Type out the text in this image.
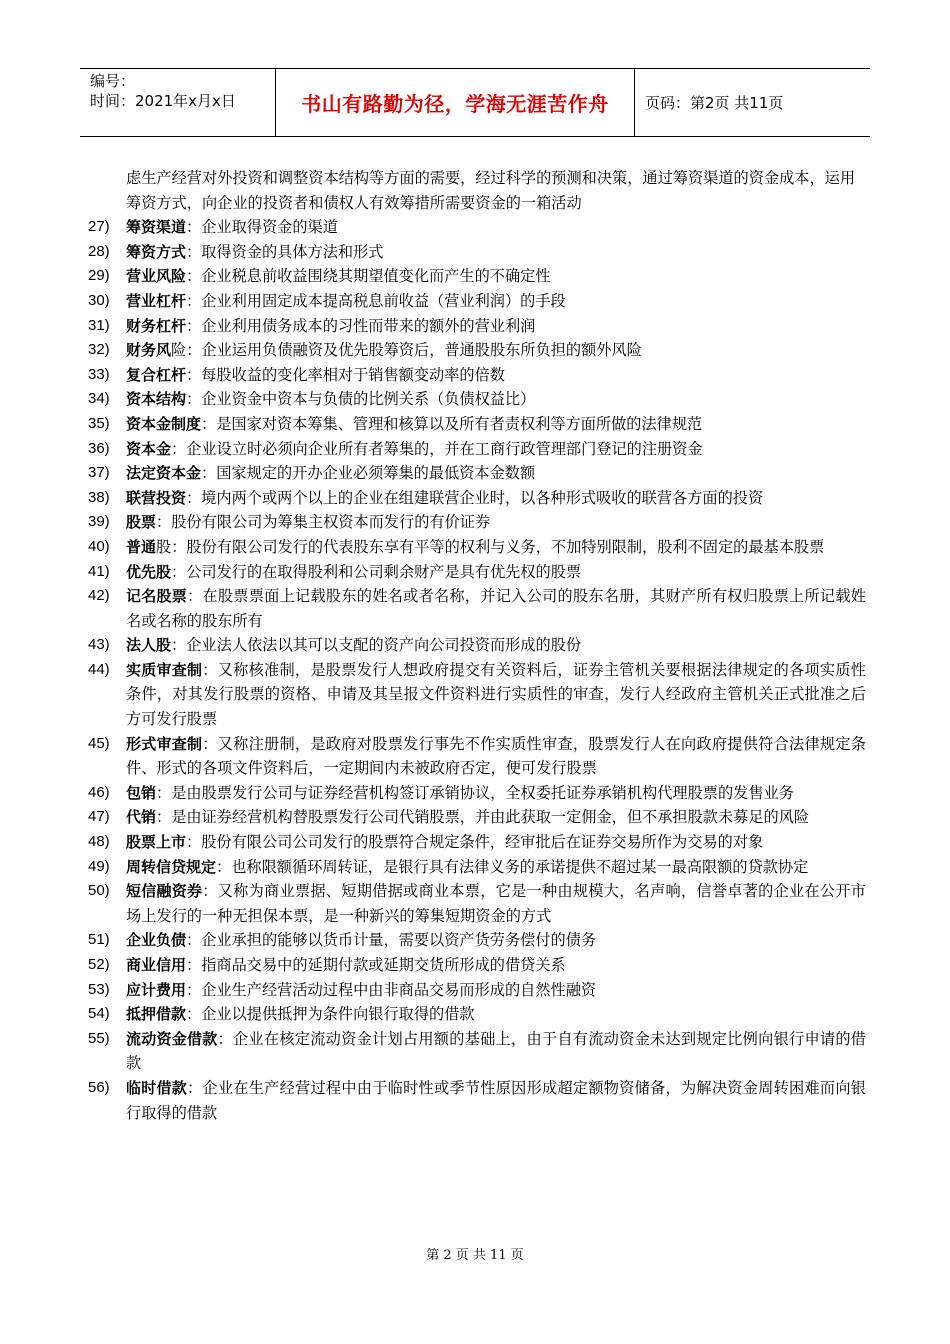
编号：
时间：2021年x月x日	书山有路勤为径，学海无涯苦作舟	页码：第2页 共11页
虑生产经营对外投资和调整资本结构等方面的需要，经过科学的预测和决策，通过筹资渠道的资金成本，运用筹资方式，向企业的投资者和债权人有效筹措所需要资金的一箱活动
27)	筹资渠道：企业取得资金的渠道
28)	筹资方式：取得资金的具体方法和形式
29)	营业风险：企业税息前收益围绕其期望值变化而产生的不确定性
30)	营业杠杆：企业利用固定成本提高税息前收益（营业利润）的手段
31)	财务杠杆：企业利用债务成本的习性而带来的额外的营业利润
32)	财务风险：企业运用负债融资及优先股筹资后，普通股股东所负担的额外风险
33)	复合杠杆：每股收益的变化率相对于销售额变动率的倍数
34)	资本结构：企业资金中资本与负债的比例关系（负债权益比）
35)	资本金制度：是国家对资本筹集、管理和核算以及所有者责权利等方面所做的法律规范
36)	资本金：企业设立时必须向企业所有者筹集的，并在工商行政管理部门登记的注册资金
37)	法定资本金：国家规定的开办企业必须筹集的最低资本金数额
38)	联营投资：境内两个或两个以上的企业在组建联营企业时，以各种形式吸收的联营各方面的投资
39)	股票：股份有限公司为筹集主权资本而发行的有价证券
40)	普通股：股份有限公司发行的代表股东享有平等的权利与义务，不加特别限制，股利不固定的最基本股票
41)	优先股：公司发行的在取得股利和公司剩余财产是具有优先权的股票
42)	记名股票：在股票票面上记载股东的姓名或者名称，并记入公司的股东名册，其财产所有权归股票上所记载姓名或名称的股东所有
43)	法人股：企业法人依法以其可以支配的资产向公司投资而形成的股份
44)	实质审查制：又称核准制，是股票发行人想政府提交有关资料后，证券主管机关要根据法律规定的各项实质性条件，对其发行股票的资格、申请及其呈报文件资料进行实质性的审查，发行人经政府主管机关正式批准之后方可发行股票
45)	形式审查制：又称注册制，是政府对股票发行事先不作实质性审查，股票发行人在向政府提供符合法律规定条件、形式的各项文件资料后，一定期间内未被政府否定，便可发行股票
46)	包销：是由股票发行公司与证券经营机构签订承销协议，全权委托证券承销机构代理股票的发售业务
47)	代销：是由证券经营机构替股票发行公司代销股票，并由此获取一定佣金，但不承担股款未募足的风险
48)	股票上市：股份有限公司公司发行的股票符合规定条件，经审批后在证券交易所作为交易的对象
49)	周转信贷规定：也称限额循环周转证，是银行具有法律义务的承诺提供不超过某一最高限额的贷款协定
50)	短信融资券：又称为商业票据、短期借据或商业本票，它是一种由规模大，名声响，信誉卓著的企业在公开市场上发行的一种无担保本票，是一种新兴的筹集短期资金的方式
51)	企业负债：企业承担的能够以货币计量，需要以资产货劳务偿付的债务
52)	商业信用：指商品交易中的延期付款或延期交货所形成的借贷关系
53)	应计费用：企业生产经营活动过程中由非商品交易而形成的自然性融资
54)	抵押借款：企业以提供抵押为条件向银行取得的借款
55)	流动资金借款：企业在核定流动资金计划占用额的基础上，由于自有流动资金未达到规定比例向银行申请的借款
56)	临时借款：企业在生产经营过程中由于临时性或季节性原因形成超定额物资储备，为解决资金周转困难而向银行取得的借款
第 2 页 共 11 页
